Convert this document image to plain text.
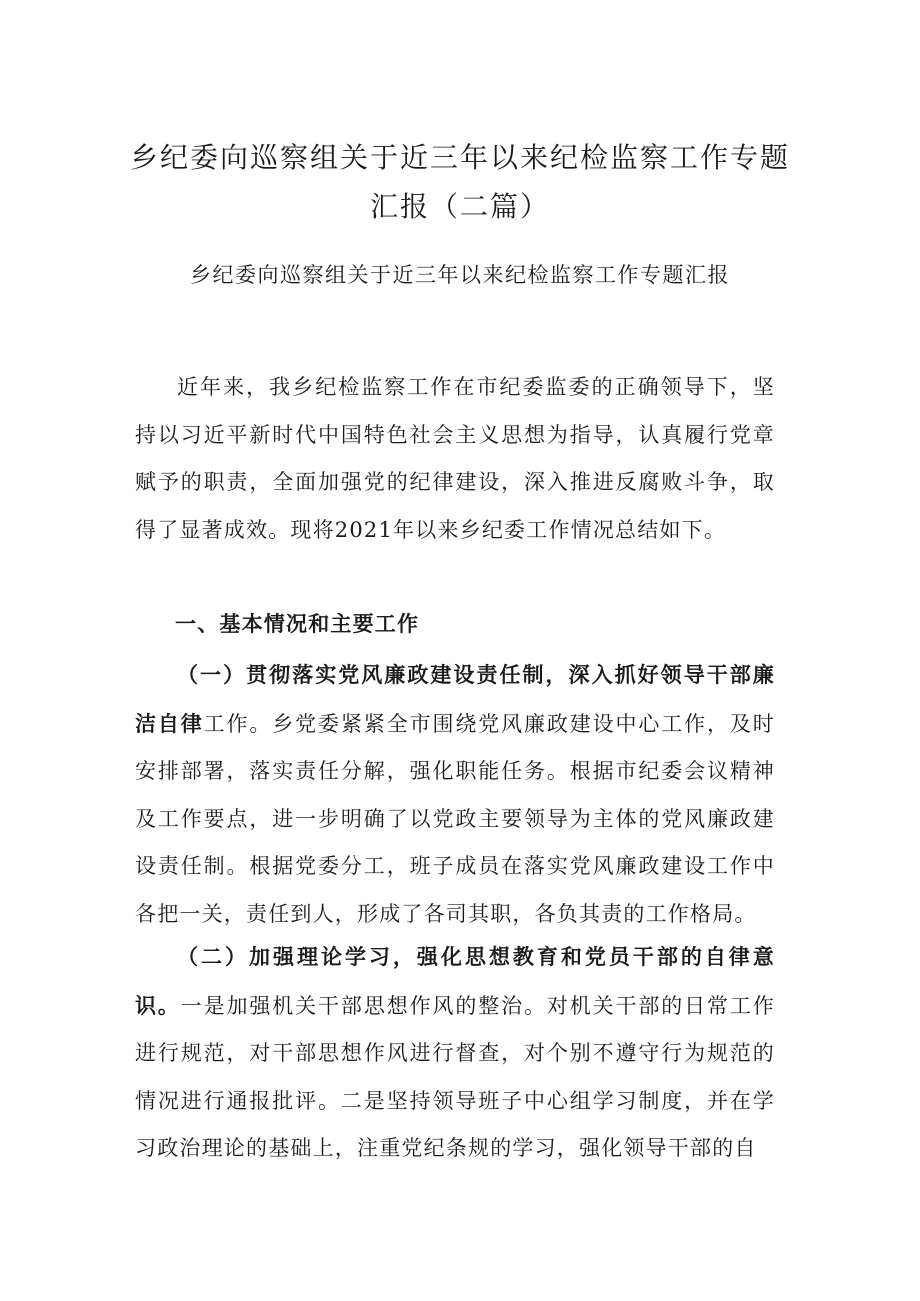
乡纪委向巡察组关于近三年以来纪检监察工作专题
汇报（二篇）

乡纪委向巡察组关于近三年以来纪检监察工作专题汇报

近年来，我乡纪检监察工作在市纪委监委的正确领导下，坚持以习近平新时代中国特色社会主义思想为指导，认真履行党章赋予的职责，全面加强党的纪律建设，深入推进反腐败斗争，取得了显著成效。现将2021年以来乡纪委工作情况总结如下。

一、基本情况和主要工作

（一）贯彻落实党风廉政建设责任制，深入抓好领导干部廉洁自律工作。乡党委紧紧全市围绕党风廉政建设中心工作，及时安排部署，落实责任分解，强化职能任务。根据市纪委会议精神及工作要点，进一步明确了以党政主要领导为主体的党风廉政建设责任制。根据党委分工，班子成员在落实党风廉政建设工作中各把一关，责任到人，形成了各司其职，各负其责的工作格局。

（二）加强理论学习，强化思想教育和党员干部的自律意识。一是加强机关干部思想作风的整治。对机关干部的日常工作进行规范，对干部思想作风进行督查，对个别不遵守行为规范的情况进行通报批评。二是坚持领导班子中心组学习制度，并在学习政治理论的基础上，注重党纪条规的学习，强化领导干部的自
